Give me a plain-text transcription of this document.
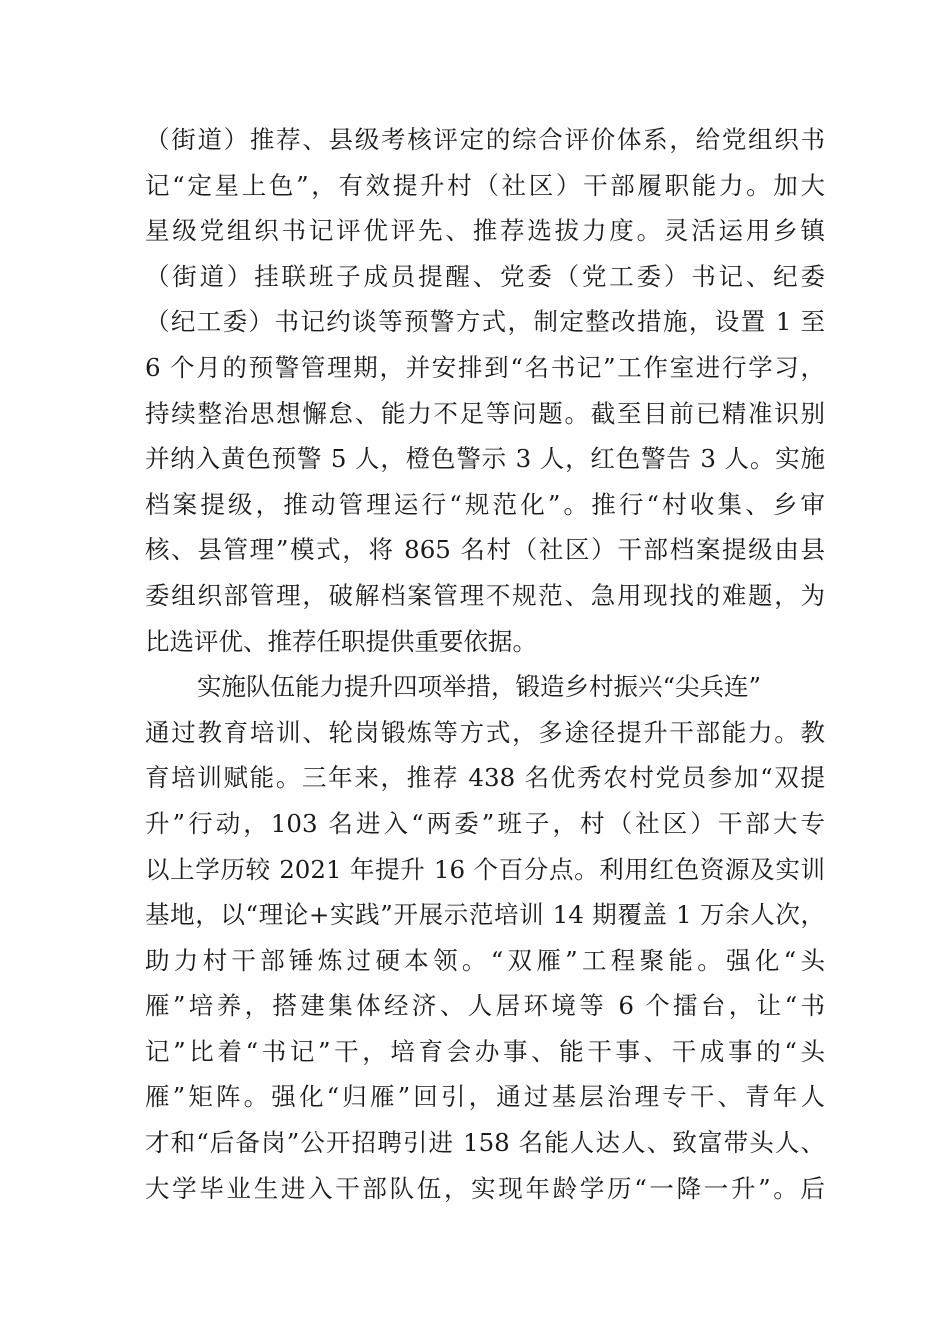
（街道）推荐、县级考核评定的综合评价体系，给党组织书
记“定星上色”，有效提升村（社区）干部履职能力。加大
星级党组织书记评优评先、推荐选拔力度。灵活运用乡镇
（街道）挂联班子成员提醒、党委（党工委）书记、纪委
（纪工委）书记约谈等预警方式，制定整改措施，设置 1 至
6 个月的预警管理期，并安排到“名书记”工作室进行学习，
持续整治思想懈怠、能力不足等问题。截至目前已精准识别
并纳入黄色预警 5 人，橙色警示 3 人，红色警告 3 人。实施
档案提级，推动管理运行“规范化”。推行“村收集、乡审
核、县管理”模式，将 865 名村（社区）干部档案提级由县
委组织部管理，破解档案管理不规范、急用现找的难题，为
比选评优、推荐任职提供重要依据。
实施队伍能力提升四项举措，锻造乡村振兴“尖兵连”
通过教育培训、轮岗锻炼等方式，多途径提升干部能力。教
育培训赋能。三年来，推荐 438 名优秀农村党员参加“双提
升”行动，103 名进入“两委”班子，村（社区）干部大专
以上学历较 2021 年提升 16 个百分点。利用红色资源及实训
基地，以“理论+实践”开展示范培训 14 期覆盖 1 万余人次，
助力村干部锤炼过硬本领。“双雁”工程聚能。强化“头
雁”培养，搭建集体经济、人居环境等 6 个擂台，让“书
记”比着“书记”干，培育会办事、能干事、干成事的“头
雁”矩阵。强化“归雁”回引，通过基层治理专干、青年人
才和“后备岗”公开招聘引进 158 名能人达人、致富带头人、
大学毕业生进入干部队伍，实现年龄学历“一降一升”。后
